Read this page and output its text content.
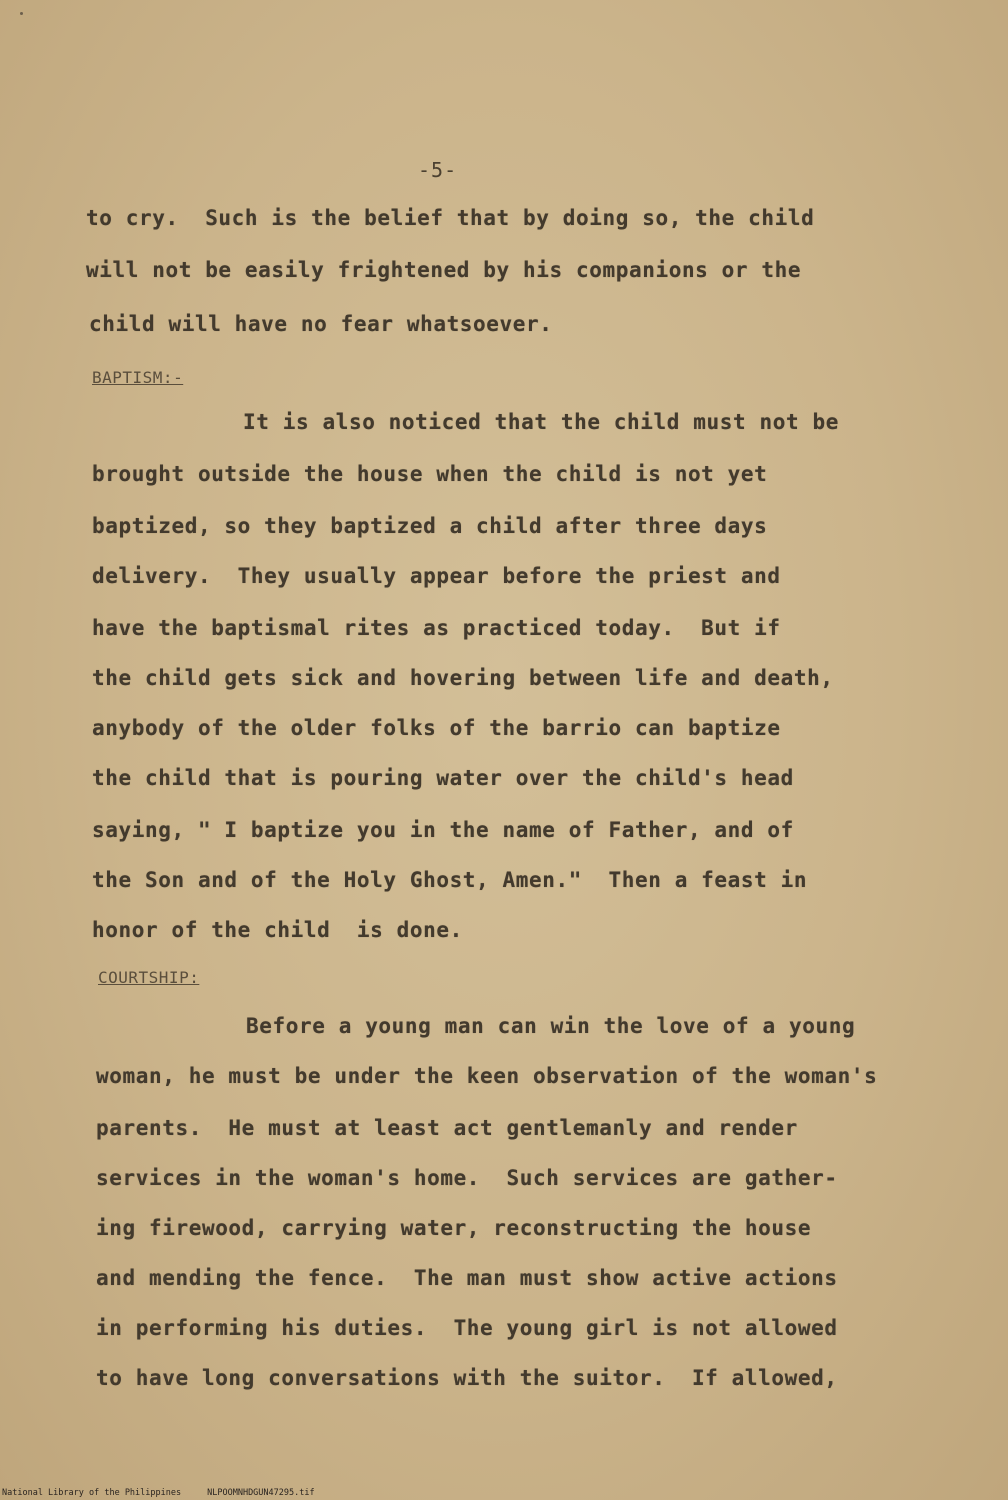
-5-
to cry.  Such is the belief that by doing so, the child
will not be easily frightened by his companions or the
child will have no fear whatsoever.
BAPTISM:-
It is also noticed that the child must not be
brought outside the house when the child is not yet
baptized, so they baptized a child after three days
delivery.  They usually appear before the priest and
have the baptismal rites as practiced today.  But if
the child gets sick and hovering between life and death,
anybody of the older folks of the barrio can baptize
the child that is pouring water over the child's head
saying, " I baptize you in the name of Father, and of
the Son and of the Holy Ghost, Amen."  Then a feast in
honor of the child  is done.
COURTSHIP:
Before a young man can win the love of a young
woman, he must be under the keen observation of the woman's
parents.  He must at least act gentlemanly and render
services in the woman's home.  Such services are gather-
ing firewood, carrying water, reconstructing the house
and mending the fence.  The man must show active actions
in performing his duties.  The young girl is not allowed
to have long conversations with the suitor.  If allowed,
National Library of the Philippines	NLPOOMNHDGUN47295.tif
